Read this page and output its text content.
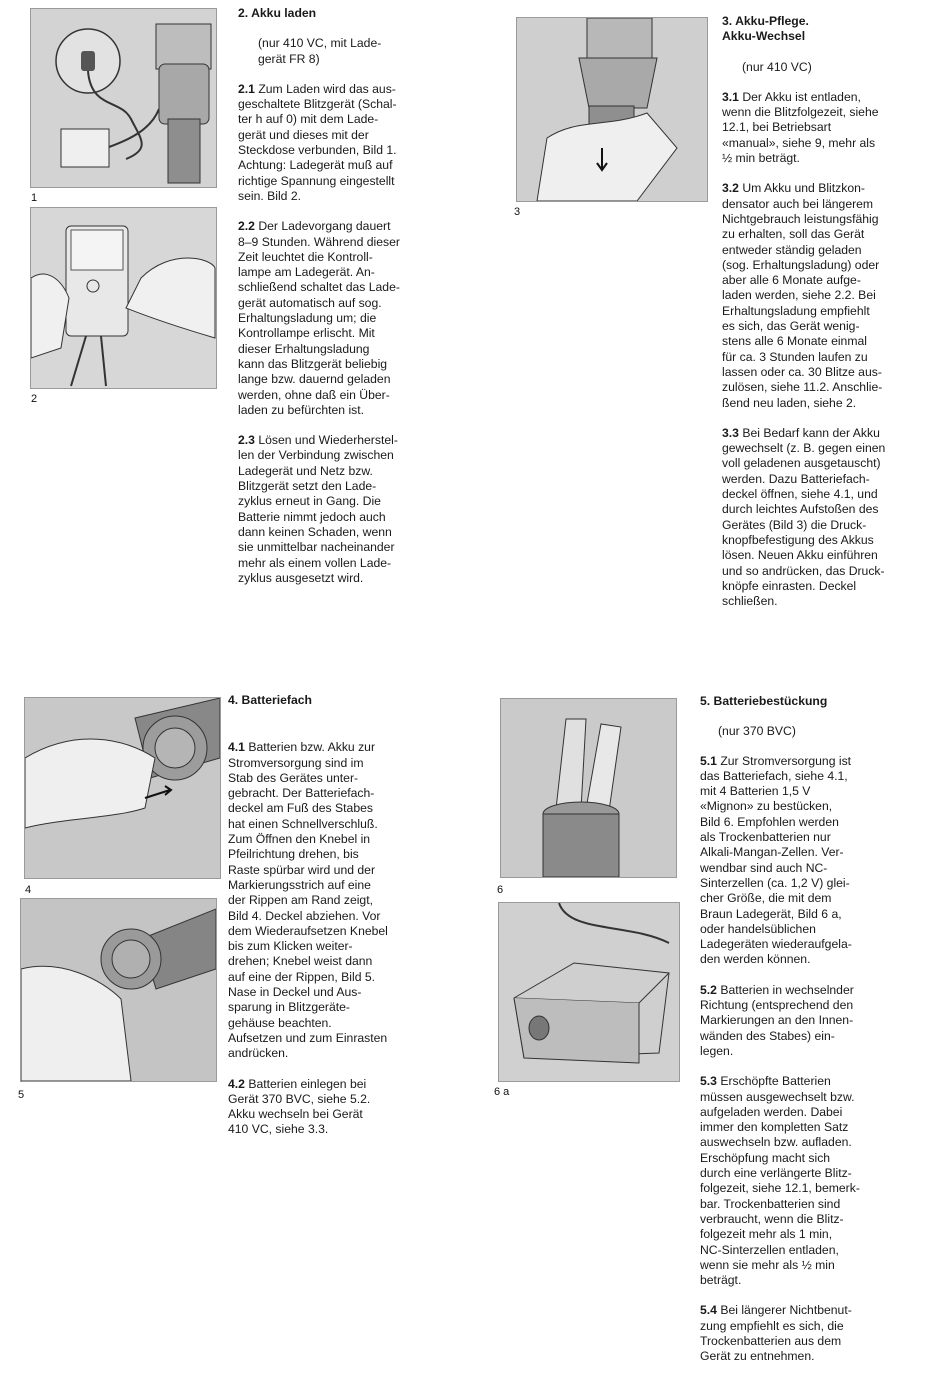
1
2
3
4
5
6
6 a

2. Akku laden

(nur 410 VC, mit Lade-
gerät FR 8)

2.1 Zum Laden wird das aus-
geschaltete Blitzgerät (Schal-
ter h auf 0) mit dem Lade-
gerät und dieses mit der
Steckdose verbunden, Bild 1.
Achtung: Ladegerät muß auf
richtige Spannung eingestellt
sein. Bild 2.

2.2 Der Ladevorgang dauert
8–9 Stunden. Während dieser
Zeit leuchtet die Kontroll-
lampe am Ladegerät. An-
schließend schaltet das Lade-
gerät automatisch auf sog.
Erhaltungsladung um; die
Kontrollampe erlischt. Mit
dieser Erhaltungsladung
kann das Blitzgerät beliebig
lange bzw. dauernd geladen
werden, ohne daß ein Über-
laden zu befürchten ist.

2.3 Lösen und Wiederherstel-
len der Verbindung zwischen
Ladegerät und Netz bzw.
Blitzgerät setzt den Lade-
zyklus erneut in Gang. Die
Batterie nimmt jedoch auch
dann keinen Schaden, wenn
sie unmittelbar nacheinander
mehr als einem vollen Lade-
zyklus ausgesetzt wird.

3. Akku-Pflege.
Akku-Wechsel

(nur 410 VC)

3.1 Der Akku ist entladen,
wenn die Blitzfolgezeit, siehe
12.1, bei Betriebsart
«manual», siehe 9, mehr als
½ min beträgt.

3.2 Um Akku und Blitzkon-
densator auch bei längerem
Nichtgebrauch leistungsfähig
zu erhalten, soll das Gerät
entweder ständig geladen
(sog. Erhaltungsladung) oder
aber alle 6 Monate aufge-
laden werden, siehe 2.2. Bei
Erhaltungsladung empfiehlt
es sich, das Gerät wenig-
stens alle 6 Monate einmal
für ca. 3 Stunden laufen zu
lassen oder ca. 30 Blitze aus-
zulösen, siehe 11.2. Anschlie-
ßend neu laden, siehe 2.

3.3 Bei Bedarf kann der Akku
gewechselt (z. B. gegen einen
voll geladenen ausgetauscht)
werden. Dazu Batteriefach-
deckel öffnen, siehe 4.1, und
durch leichtes Aufstoßen des
Gerätes (Bild 3) die Druck-
knopfbefestigung des Akkus
lösen. Neuen Akku einführen
und so andrücken, das Druck-
knöpfe einrasten. Deckel
schließen.

4. Batteriefach

4.1 Batterien bzw. Akku zur
Stromversorgung sind im
Stab des Gerätes unter-
gebracht. Der Batteriefach-
deckel am Fuß des Stabes
hat einen Schnellverschluß.
Zum Öffnen den Knebel in
Pfeilrichtung drehen, bis
Raste spürbar wird und der
Markierungsstrich auf eine
der Rippen am Rand zeigt,
Bild 4. Deckel abziehen. Vor
dem Wiederaufsetzen Knebel
bis zum Klicken weiter-
drehen; Knebel weist dann
auf eine der Rippen, Bild 5.
Nase in Deckel und Aus-
sparung in Blitzgeräte-
gehäuse beachten.
Aufsetzen und zum Einrasten
andrücken.

4.2 Batterien einlegen bei
Gerät 370 BVC, siehe 5.2.
Akku wechseln bei Gerät
410 VC, siehe 3.3.

5. Batteriebestückung

(nur 370 BVC)

5.1 Zur Stromversorgung ist
das Batteriefach, siehe 4.1,
mit 4 Batterien 1,5 V
«Mignon» zu bestücken,
Bild 6. Empfohlen werden
als Trockenbatterien nur
Alkali-Mangan-Zellen. Ver-
wendbar sind auch NC-
Sinterzellen (ca. 1,2 V) glei-
cher Größe, die mit dem
Braun Ladegerät, Bild 6 a,
oder handelsüblichen
Ladegeräten wiederaufgela-
den werden können.

5.2 Batterien in wechselnder
Richtung (entsprechend den
Markierungen an den Innen-
wänden des Stabes) ein-
legen.

5.3 Erschöpfte Batterien
müssen ausgewechselt bzw.
aufgeladen werden. Dabei
immer den kompletten Satz
auswechseln bzw. aufladen.
Erschöpfung macht sich
durch eine verlängerte Blitz-
folgezeit, siehe 12.1, bemerk-
bar. Trockenbatterien sind
verbraucht, wenn die Blitz-
folgezeit mehr als 1 min,
NC-Sinterzellen entladen,
wenn sie mehr als ½ min
beträgt.

5.4 Bei längerer Nichtbenut-
zung empfiehlt es sich, die
Trockenbatterien aus dem
Gerät zu entnehmen.
